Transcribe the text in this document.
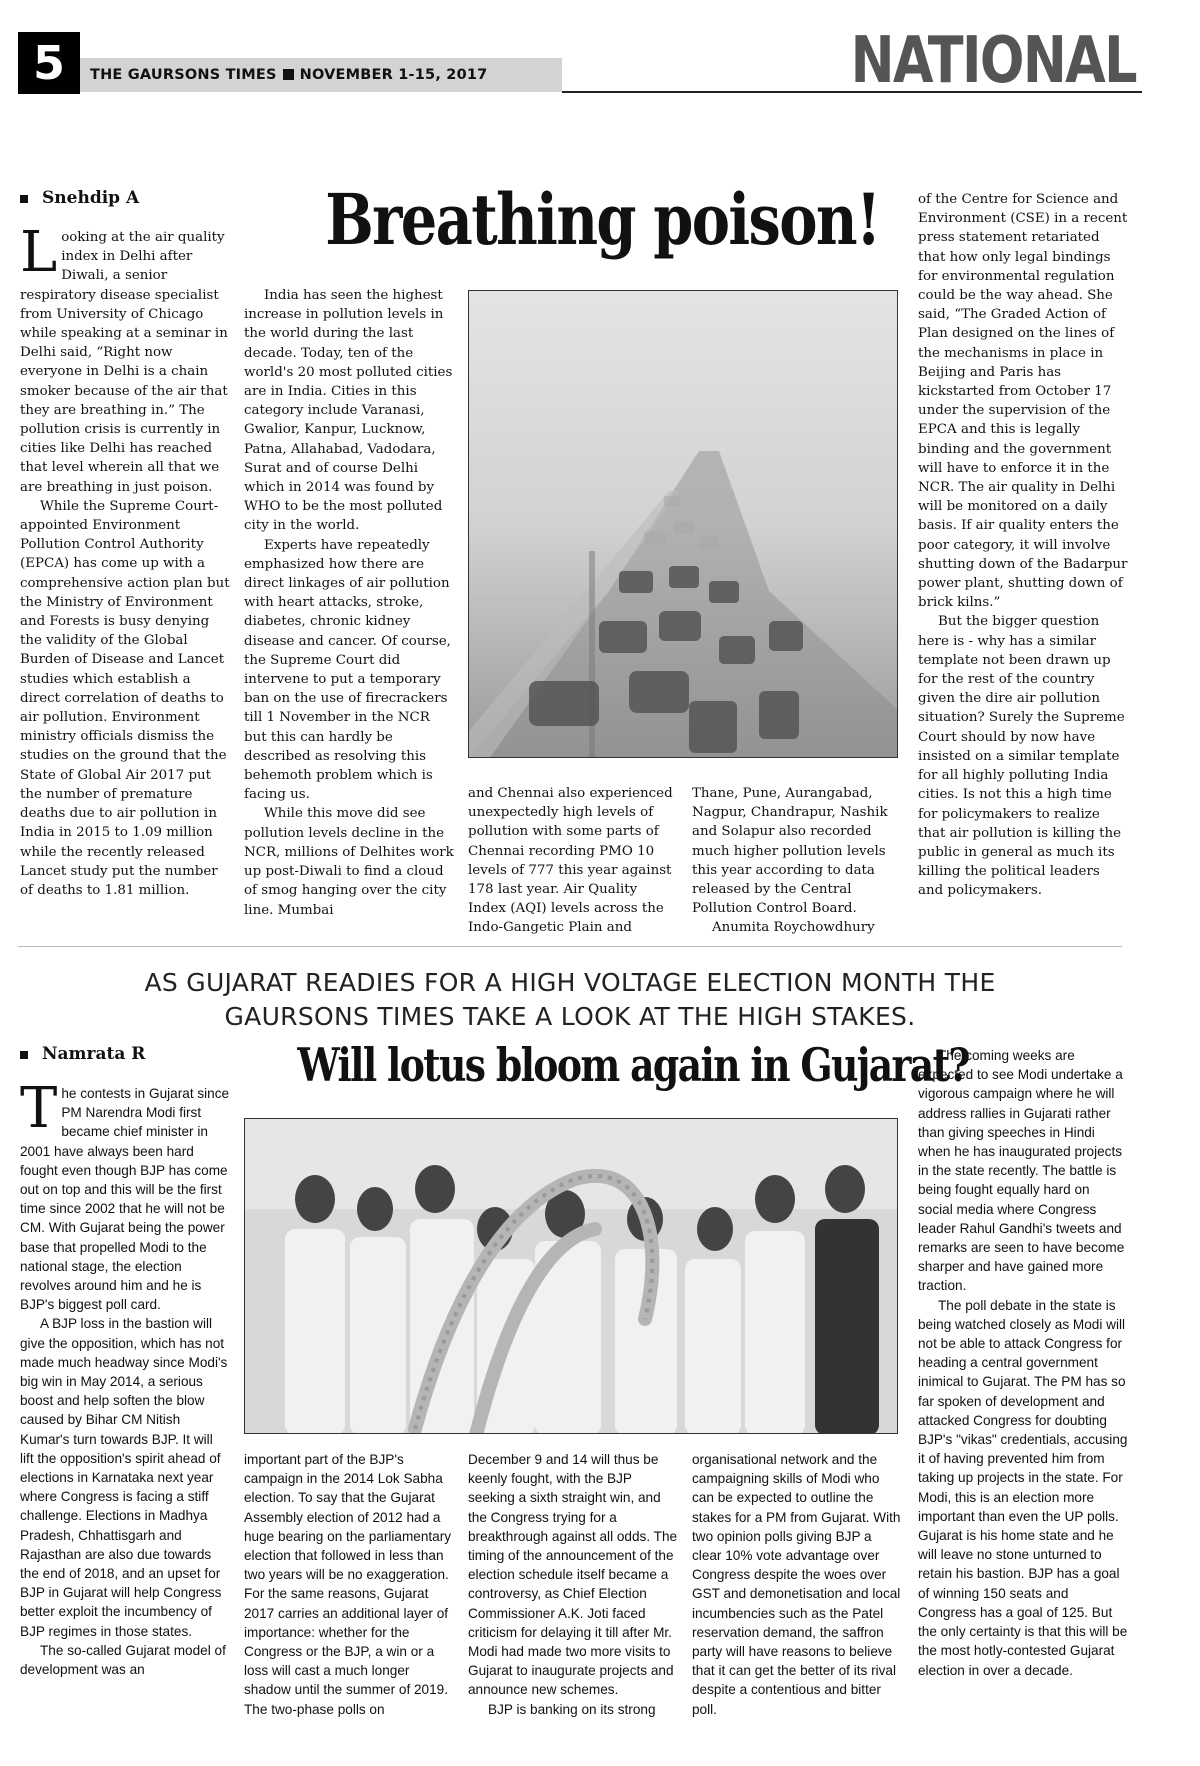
5	THE GAURSONS TIMES NOVEMBER 1-15, 2017	NATIONAL
Snehdip A	Breathing poison!

Looking at the air quality index in Delhi after Diwali, a senior respiratory disease specialist from University of Chicago while speaking at a seminar in Delhi said, “Right now everyone in Delhi is a chain smoker because of the air that they are breathing in.” The pollution crisis is currently in cities like Delhi has reached that level wherein all that we are breathing in just poison.

While the Supreme Court-appointed Environment Pollution Control Authority (EPCA) has come up with a comprehensive action plan but the Ministry of Environment and Forests is busy denying the validity of the Global Burden of Disease and Lancet studies which establish a direct correlation of deaths to air pollution. Environment ministry officials dismiss the studies on the ground that the State of Global Air 2017 put the number of premature deaths due to air pollution in India in 2015 to 1.09 million while the recently released Lancet study put the number of deaths to 1.81 million.

India has seen the highest increase in pollution levels in the world during the last decade. Today, ten of the world's 20 most polluted cities are in India. Cities in this category include Varanasi, Gwalior, Kanpur, Lucknow, Patna, Allahabad, Vadodara, Surat and of course Delhi which in 2014 was found by WHO to be the most polluted city in the world.

Experts have repeatedly emphasized how there are direct linkages of air pollution with heart attacks, stroke, diabetes, chronic kidney disease and cancer. Of course, the Supreme Court did intervene to put a temporary ban on the use of firecrackers till 1 November in the NCR but this can hardly be described as resolving this behemoth problem which is facing us.

While this move did see pollution levels decline in the NCR, millions of Delhites work up post-Diwali to find a cloud of smog hanging over the city line. Mumbai

and Chennai also experienced unexpectedly high levels of pollution with some parts of Chennai recording PMO 10 levels of 777 this year against 178 last year. Air Quality Index (AQI) levels across the Indo-Gangetic Plain and

Thane, Pune, Aurangabad, Nagpur, Chandrapur, Nashik and Solapur also recorded much higher pollution levels this year according to data released by the Central Pollution Control Board.

Anumita Roychowdhury

of the Centre for Science and Environment (CSE) in a recent press statement retariated that how only legal bindings for environmental regulation could be the way ahead. She said, “The Graded Action of Plan designed on the lines of the mechanisms in place in Beijing and Paris has kickstarted from October 17 under the supervision of the EPCA and this is legally binding and the government will have to enforce it in the NCR. The air quality in Delhi will be monitored on a daily basis. If air quality enters the poor category, it will involve shutting down of the Badarpur power plant, shutting down of brick kilns.”

But the bigger question here is - why has a similar template not been drawn up for the rest of the country given the dire air pollution situation? Surely the Supreme Court should by now have insisted on a similar template for all highly polluting India cities. Is not this a high time for policymakers to realize that air pollution is killing the public in general as much its killing the political leaders and policymakers.

AS GUJARAT READIES FOR A HIGH VOLTAGE ELECTION MONTH THE
GAURSONS TIMES TAKE A LOOK AT THE HIGH STAKES.
Namrata R	Will lotus bloom again in Gujarat?

The contests in Gujarat since PM Narendra Modi first became chief minister in 2001 have always been hard fought even though BJP has come out on top and this will be the first time since 2002 that he will not be CM. With Gujarat being the power base that propelled Modi to the national stage, the election revolves around him and he is BJP's biggest poll card.

A BJP loss in the bastion will give the opposition, which has not made much headway since Modi's big win in May 2014, a serious boost and help soften the blow caused by Bihar CM Nitish Kumar's turn towards BJP. It will lift the opposition's spirit ahead of elections in Karnataka next year where Congress is facing a stiff challenge. Elections in Madhya Pradesh, Chhattisgarh and Rajasthan are also due towards the end of 2018, and an upset for BJP in Gujarat will help Congress better exploit the incumbency of BJP regimes in those states.

The so-called Gujarat model of development was an

important part of the BJP's campaign in the 2014 Lok Sabha election. To say that the Gujarat Assembly election of 2012 had a huge bearing on the parliamentary election that followed in less than two years will be no exaggeration. For the same reasons, Gujarat 2017 carries an additional layer of importance: whether for the Congress or the BJP, a win or a loss will cast a much longer shadow until the summer of 2019. The two-phase polls on

December 9 and 14 will thus be keenly fought, with the BJP seeking a sixth straight win, and the Congress trying for a breakthrough against all odds. The timing of the announcement of the election schedule itself became a controversy, as Chief Election Commissioner A.K. Joti faced criticism for delaying it till after Mr. Modi had made two more visits to Gujarat to inaugurate projects and announce new schemes.

BJP is banking on its strong

organisational network and the campaigning skills of Modi who can be expected to outline the stakes for a PM from Gujarat. With two opinion polls giving BJP a clear 10% vote advantage over Congress despite the woes over GST and demonetisation and local incumbencies such as the Patel reservation demand, the saffron party will have reasons to believe that it can get the better of its rival despite a contentious and bitter poll.

The coming weeks are expected to see Modi undertake a vigorous campaign where he will address rallies in Gujarati rather than giving speeches in Hindi when he has inaugurated projects in the state recently. The battle is being fought equally hard on social media where Congress leader Rahul Gandhi's tweets and remarks are seen to have become sharper and have gained more traction.

The poll debate in the state is being watched closely as Modi will not be able to attack Congress for heading a central government inimical to Gujarat. The PM has so far spoken of development and attacked Congress for doubting BJP's "vikas" credentials, accusing it of having prevented him from taking up projects in the state. For Modi, this is an election more important than even the UP polls. Gujarat is his home state and he will leave no stone unturned to retain his bastion. BJP has a goal of winning 150 seats and Congress has a goal of 125. But the only certainty is that this will be the most hotly-contested Gujarat election in over a decade.
